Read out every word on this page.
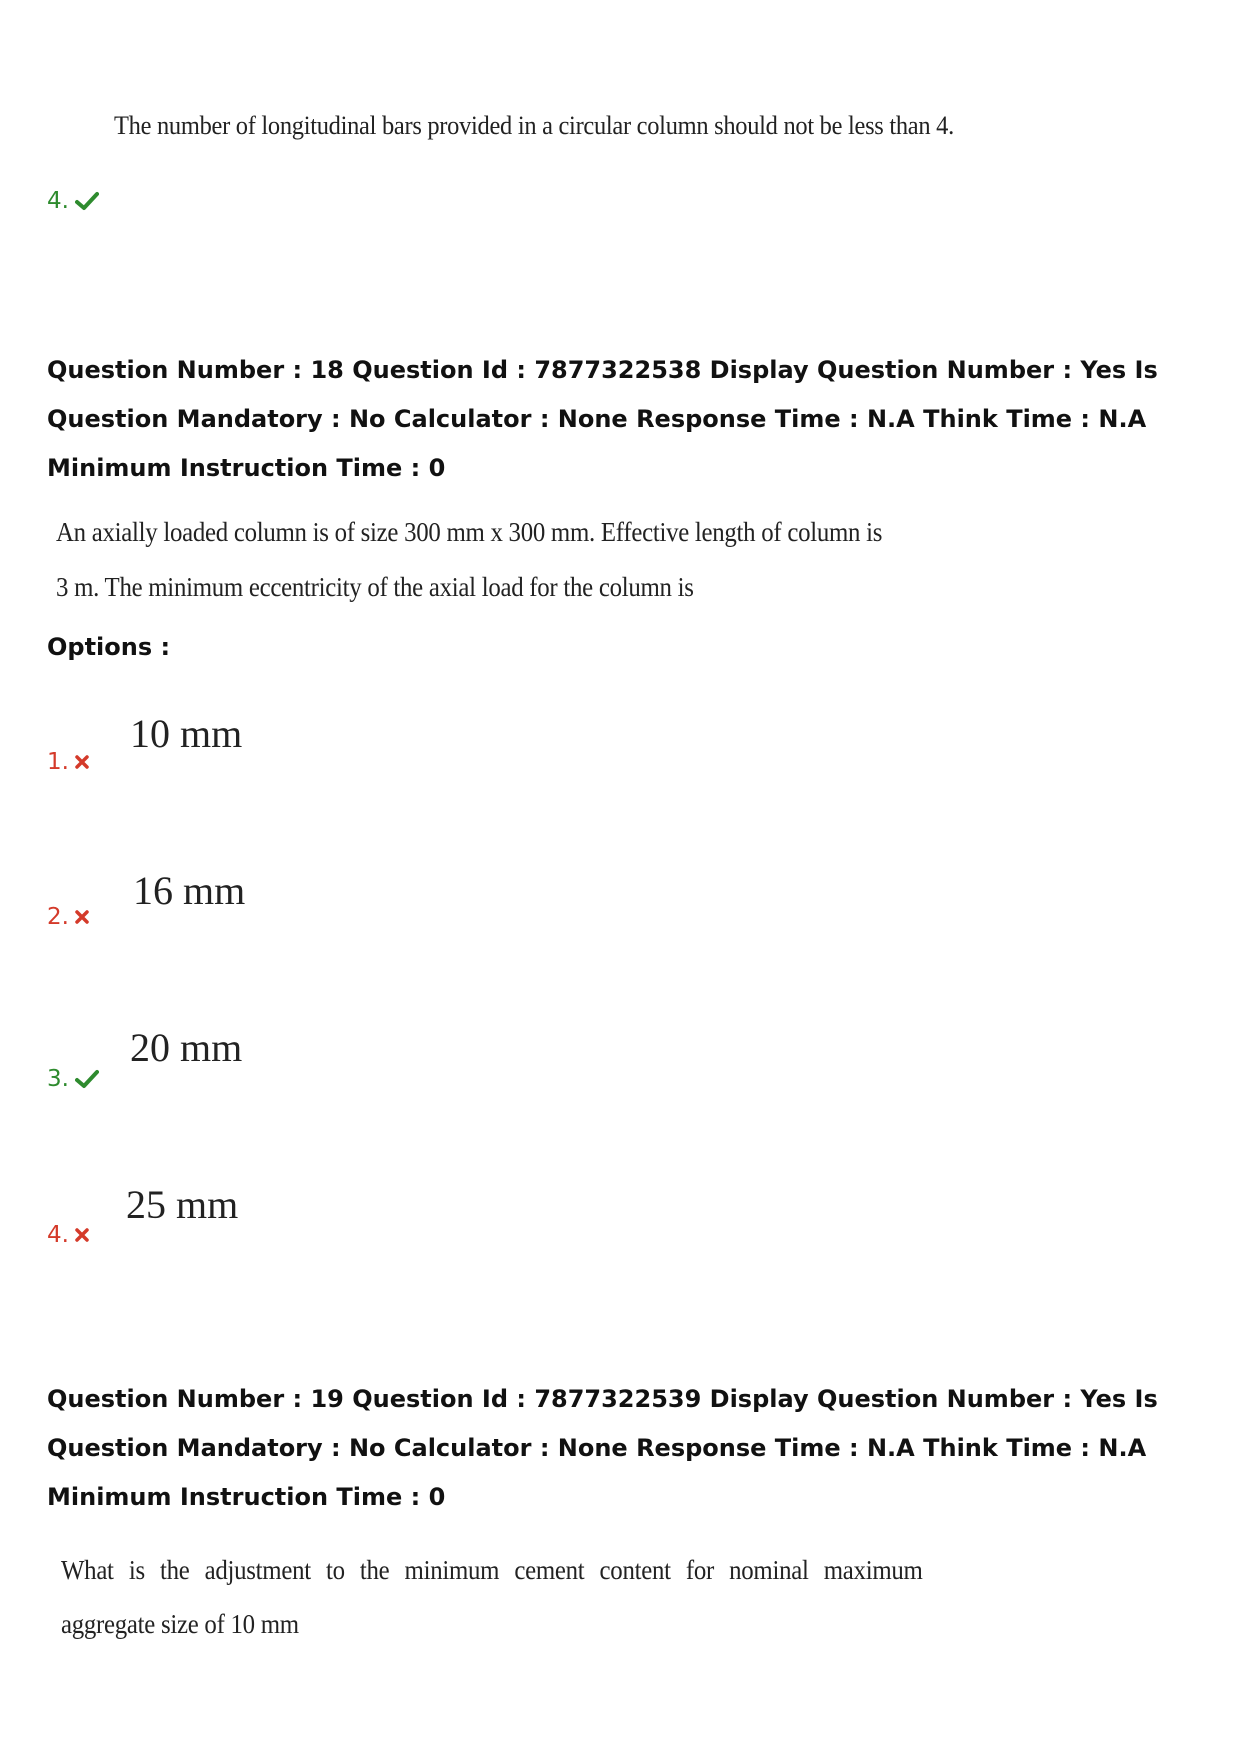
The number of longitudinal bars provided in a circular column should not be less than 4.
4.
Question Number : 18 Question Id : 7877322538 Display Question Number : Yes Is Question Mandatory : No Calculator : None Response Time : N.A Think Time : N.A Minimum Instruction Time : 0
An axially loaded column is of size 300 mm x 300 mm. Effective length of column is
3 m. The minimum eccentricity of the axial load for the column is
Options :
10 mm
1.
16 mm
2.
20 mm
3.
25 mm
4.
Question Number : 19 Question Id : 7877322539 Display Question Number : Yes Is Question Mandatory : No Calculator : None Response Time : N.A Think Time : N.A Minimum Instruction Time : 0
What is the adjustment to the minimum cement content for nominal maximum
aggregate size of 10 mm
